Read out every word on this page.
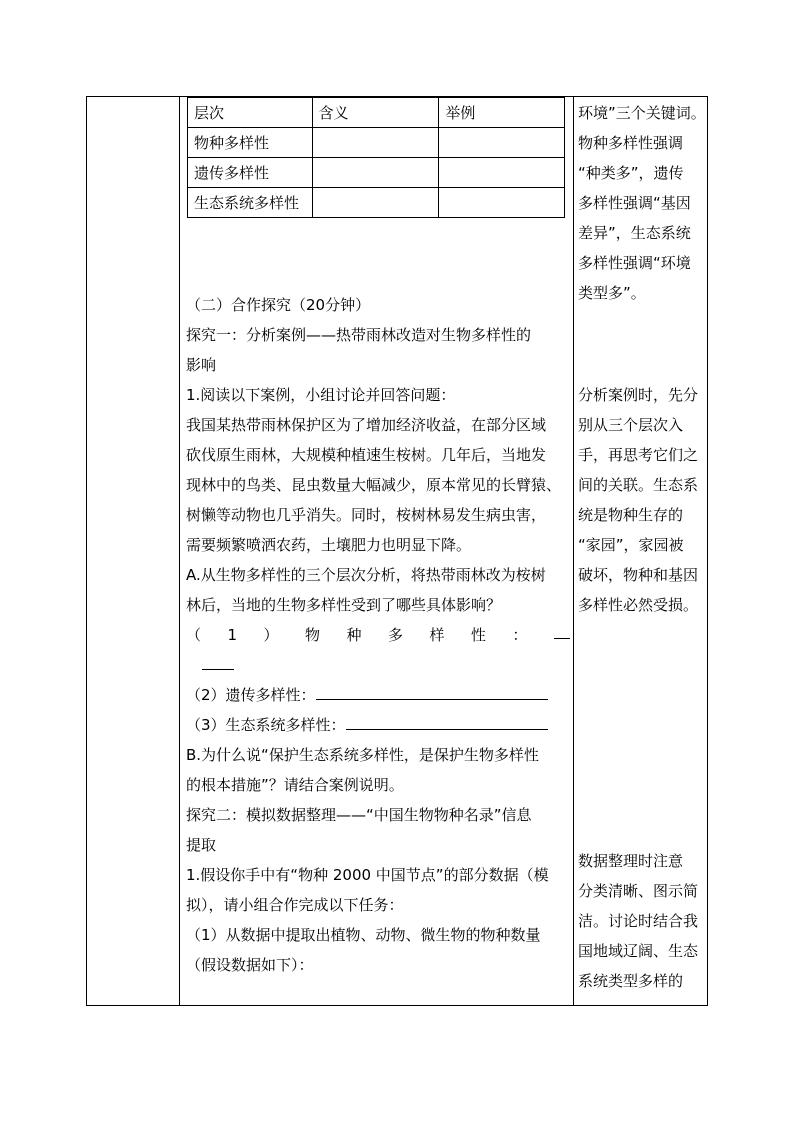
层次	含义	举例
物种多样性		
遗传多样性		
生态系统多样性		
（二）合作探究（20分钟）
探究一：分析案例——热带雨林改造对生物多样性的
影响
1.阅读以下案例，小组讨论并回答问题：
我国某热带雨林保护区为了增加经济收益，在部分区域
砍伐原生雨林，大规模种植速生桉树。几年后，当地发
现林中的鸟类、昆虫数量大幅减少，原本常见的长臂猿、
树懒等动物也几乎消失。同时，桉树林易发生病虫害，
需要频繁喷洒农药，土壤肥力也明显下降。
A.从生物多样性的三个层次分析，将热带雨林改为桉树
林后，当地的生物多样性受到了哪些具体影响？
（ 1 ） 物 种 多 样 性 ：
（2）遗传多样性：
（3）生态系统多样性：
B.为什么说“保护生态系统多样性，是保护生物多样性
的根本措施”？请结合案例说明。
探究二：模拟数据整理——“中国生物物种名录”信息
提取
1.假设你手中有“物种 2000 中国节点”的部分数据（模
拟），请小组合作完成以下任务：
（1）从数据中提取出植物、动物、微生物的物种数量
（假设数据如下）：
环境”三个关键词。
物种多样性强调
“种类多”，遗传
多样性强调“基因
差异”，生态系统
多样性强调“环境
类型多”。
分析案例时，先分
别从三个层次入
手，再思考它们之
间的关联。生态系
统是物种生存的
“家园”，家园被
破坏，物种和基因
多样性必然受损。
数据整理时注意
分类清晰、图示简
洁。讨论时结合我
国地域辽阔、生态
系统类型多样的
